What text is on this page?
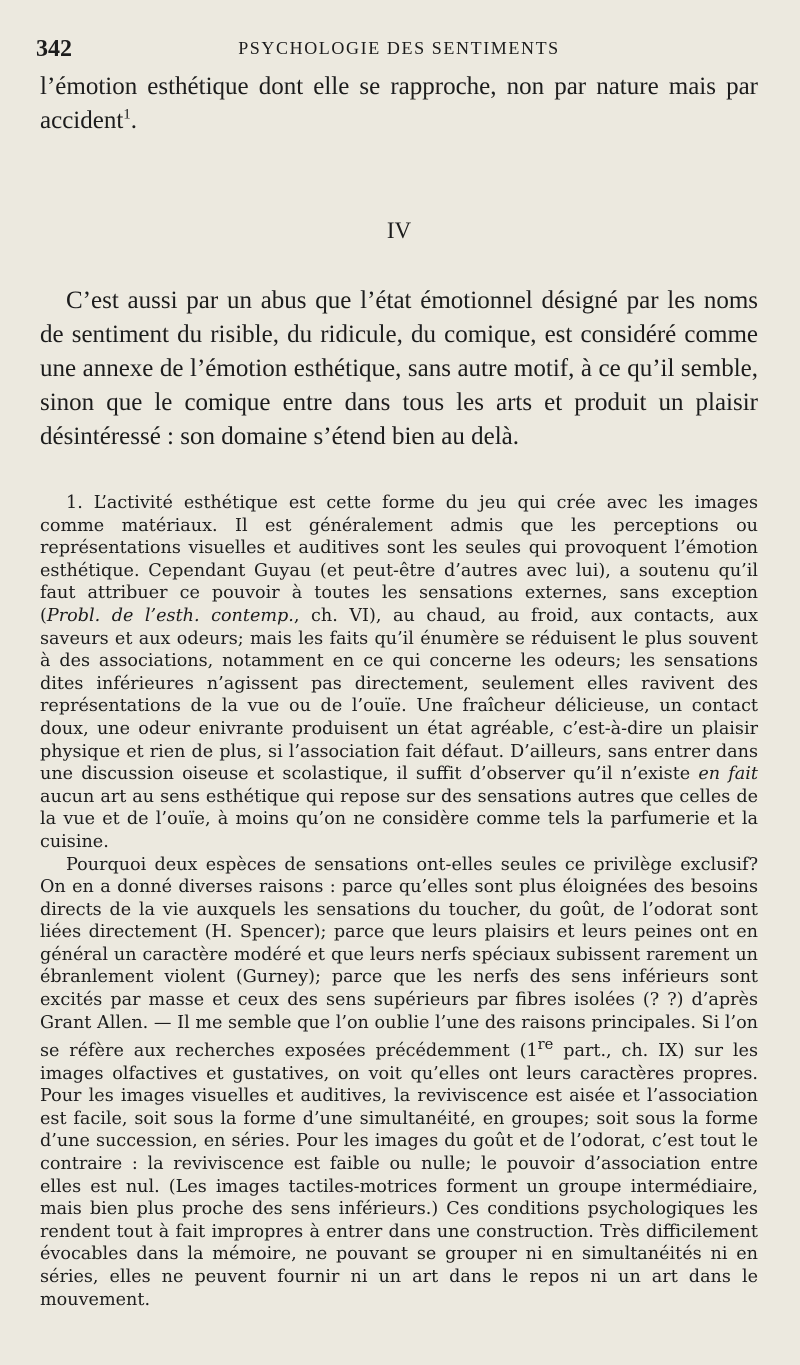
342	PSYCHOLOGIE DES SENTIMENTS

l’émotion esthétique dont elle se rapproche, non par nature mais par accident$^1$.

IV

C’est aussi par un abus que l’état émotionnel désigné par les noms de sentiment du risible, du ridicule, du comique, est considéré comme une annexe de l’émotion esthétique, sans autre motif, à ce qu’il semble, sinon que le comique entre dans tous les arts et produit un plaisir désintéressé : son domaine s’étend bien au delà.

1. L’activité esthétique est cette forme du jeu qui crée avec les images comme matériaux. Il est généralement admis que les perceptions ou représentations visuelles et auditives sont les seules qui provoquent l’émotion esthétique. Cependant Guyau (et peut-être d’autres avec lui), a soutenu qu’il faut attribuer ce pouvoir à toutes les sensations externes, sans exception (Probl. de l’esth. contemp., ch. VI), au chaud, au froid, aux contacts, aux saveurs et aux odeurs; mais les faits qu’il énumère se réduisent le plus souvent à des associations, notamment en ce qui concerne les odeurs; les sensations dites inférieures n’agissent pas directement, seulement elles ravivent des représentations de la vue ou de l’ouïe. Une fraîcheur délicieuse, un contact doux, une odeur enivrante produisent un état agréable, c’est-à-dire un plaisir physique et rien de plus, si l’association fait défaut. D’ailleurs, sans entrer dans une discussion oiseuse et scolastique, il suffit d’observer qu’il n’existe en fait aucun art au sens esthétique qui repose sur des sensations autres que celles de la vue et de l’ouïe, à moins qu’on ne considère comme tels la parfumerie et la cuisine.

Pourquoi deux espèces de sensations ont-elles seules ce privilège exclusif? On en a donné diverses raisons : parce qu’elles sont plus éloignées des besoins directs de la vie auxquels les sensations du toucher, du goût, de l’odorat sont liées directement (H. Spencer); parce que leurs plaisirs et leurs peines ont en général un caractère modéré et que leurs nerfs spéciaux subissent rarement un ébranlement violent (Gurney); parce que les nerfs des sens inférieurs sont excités par masse et ceux des sens supérieurs par fibres isolées (? ?) d’après Grant Allen. — Il me semble que l’on oublie l’une des raisons principales. Si l’on se réfère aux recherches exposées précédemment (1re part., ch. IX) sur les images olfactives et gustatives, on voit qu’elles ont leurs caractères propres. Pour les images visuelles et auditives, la reviviscence est aisée et l’association est facile, soit sous la forme d’une simultanéité, en groupes; soit sous la forme d’une succession, en séries. Pour les images du goût et de l’odorat, c’est tout le contraire : la reviviscence est faible ou nulle; le pouvoir d’association entre elles est nul. (Les images tactiles-motrices forment un groupe intermédiaire, mais bien plus proche des sens inférieurs.) Ces conditions psychologiques les rendent tout à fait impropres à entrer dans une construction. Très difficilement évocables dans la mémoire, ne pouvant se grouper ni en simultanéités ni en séries, elles ne peuvent fournir ni un art dans le repos ni un art dans le mouvement.
